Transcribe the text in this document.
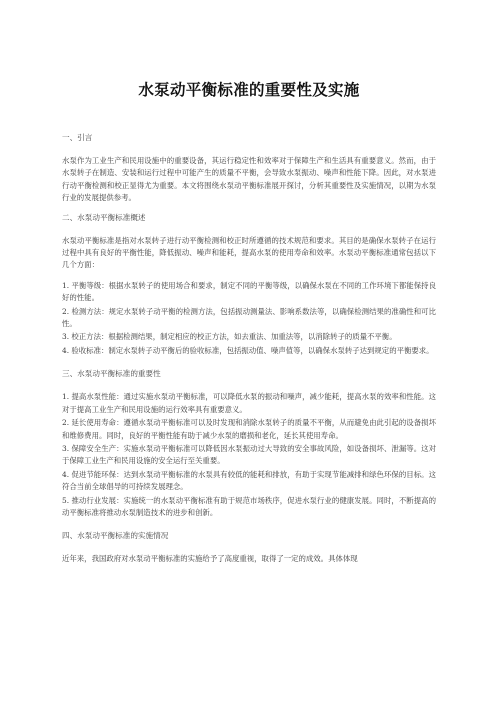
水泵动平衡标准的重要性及实施
一、引言

水泵作为工业生产和民用设施中的重要设备，其运行稳定性和效率对于保障生产和生活具有重要意义。然而，由于水泵转子在制造、安装和运行过程中可能产生的质量不平衡，会导致水泵振动、噪声和性能下降。因此，对水泵进行动平衡检测和校正显得尤为重要。本文将围绕水泵动平衡标准展开探讨，分析其重要性及实施情况，以期为水泵行业的发展提供参考。

二、水泵动平衡标准概述

水泵动平衡标准是指对水泵转子进行动平衡检测和校正时所遵循的技术规范和要求。其目的是确保水泵转子在运行过程中具有良好的平衡性能，降低振动、噪声和能耗，提高水泵的使用寿命和效率。水泵动平衡标准通常包括以下几个方面：

1. 平衡等级：根据水泵转子的使用场合和要求，制定不同的平衡等级，以确保水泵在不同的工作环境下都能保持良好的性能。
2. 检测方法：规定水泵转子动平衡的检测方法，包括振动测量法、影响系数法等，以确保检测结果的准确性和可比性。
3. 校正方法：根据检测结果，制定相应的校正方法，如去重法、加重法等，以消除转子的质量不平衡。
4. 验收标准：制定水泵转子动平衡后的验收标准，包括振动值、噪声值等，以确保水泵转子达到规定的平衡要求。
三、水泵动平衡标准的重要性
1. 提高水泵性能：通过实施水泵动平衡标准，可以降低水泵的振动和噪声，减少能耗，提高水泵的效率和性能。这对于提高工业生产和民用设施的运行效率具有重要意义。
2. 延长使用寿命：遵循水泵动平衡标准可以及时发现和消除水泵转子的质量不平衡，从而避免由此引起的设备损坏和维修费用。同时，良好的平衡性能有助于减少水泵的磨损和老化，延长其使用寿命。
3. 保障安全生产：实施水泵动平衡标准可以降低因水泵振动过大导致的安全事故风险，如设备损坏、泄漏等。这对于保障工业生产和民用设施的安全运行至关重要。
4. 促进节能环保：达到水泵动平衡标准的水泵具有较低的能耗和排放，有助于实现节能减排和绿色环保的目标。这符合当前全球倡导的可持续发展理念。
5. 推动行业发展：实施统一的水泵动平衡标准有助于规范市场秩序，促进水泵行业的健康发展。同时，不断提高的动平衡标准将推动水泵制造技术的进步和创新。
四、水泵动平衡标准的实施情况

近年来，我国政府对水泵动平衡标准的实施给予了高度重视，取得了一定的成效。具体体现
